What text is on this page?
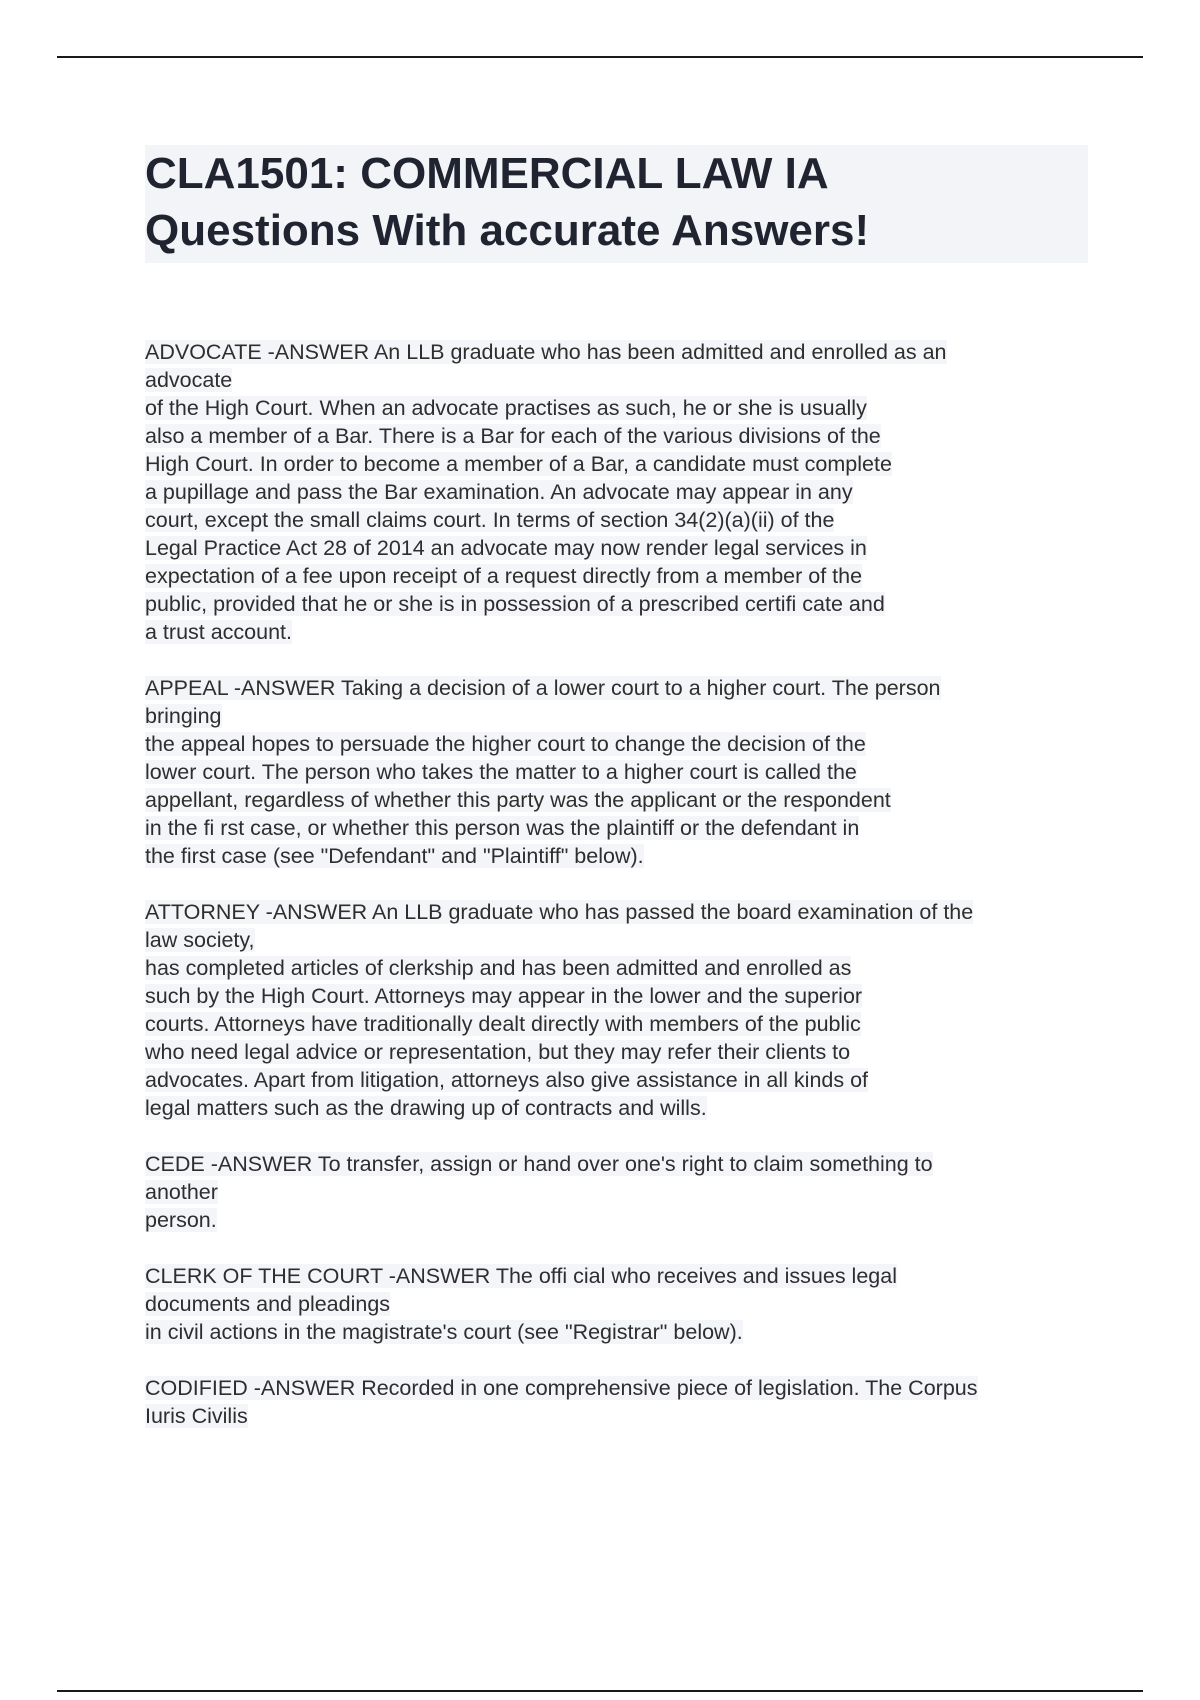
CLA1501: COMMERCIAL LAW IA
Questions With accurate Answers!
ADVOCATE -ANSWER An LLB graduate who has been admitted and enrolled as an
advocate
of the High Court. When an advocate practises as such, he or she is usually
also a member of a Bar. There is a Bar for each of the various divisions of the
High Court. In order to become a member of a Bar, a candidate must complete
a pupillage and pass the Bar examination. An advocate may appear in any
court, except the small claims court. In terms of section 34(2)(a)(ii) of the
Legal Practice Act 28 of 2014 an advocate may now render legal services in
expectation of a fee upon receipt of a request directly from a member of the
public, provided that he or she is in possession of a prescribed certifi cate and
a trust account.
APPEAL -ANSWER Taking a decision of a lower court to a higher court. The person
bringing
the appeal hopes to persuade the higher court to change the decision of the
lower court. The person who takes the matter to a higher court is called the
appellant, regardless of whether this party was the applicant or the respondent
in the fi rst case, or whether this person was the plaintiff or the defendant in
the first case (see "Defendant" and "Plaintiff" below).
ATTORNEY -ANSWER An LLB graduate who has passed the board examination of the
law society,
has completed articles of clerkship and has been admitted and enrolled as
such by the High Court. Attorneys may appear in the lower and the superior
courts. Attorneys have traditionally dealt directly with members of the public
who need legal advice or representation, but they may refer their clients to
advocates. Apart from litigation, attorneys also give assistance in all kinds of
legal matters such as the drawing up of contracts and wills.
CEDE -ANSWER To transfer, assign or hand over one's right to claim something to
another
person.
CLERK OF THE COURT -ANSWER The offi cial who receives and issues legal
documents and pleadings
in civil actions in the magistrate's court (see "Registrar" below).
CODIFIED -ANSWER Recorded in one comprehensive piece of legislation. The Corpus
Iuris Civilis
